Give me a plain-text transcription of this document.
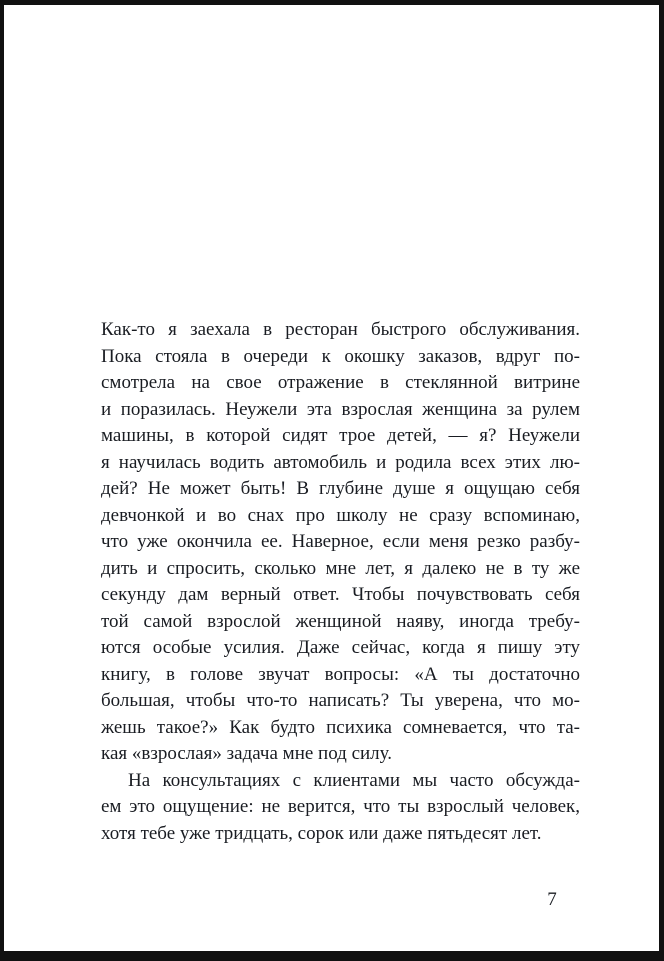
Как-то я заехала в ресторан быстрого обслуживания.
Пока стояла в очереди к окошку заказов, вдруг по-
смотрела на свое отражение в стеклянной витрине
и поразилась. Неужели эта взрослая женщина за рулем
машины, в которой сидят трое детей, — я? Неужели
я научилась водить автомобиль и родила всех этих лю-
дей? Не может быть! В глубине душе я ощущаю себя
девчонкой и во снах про школу не сразу вспоминаю,
что уже окончила ее. Наверное, если меня резко разбу-
дить и спросить, сколько мне лет, я далеко не в ту же
секунду дам верный ответ. Чтобы почувствовать себя
той самой взрослой женщиной наяву, иногда требу-
ются особые усилия. Даже сейчас, когда я пишу эту
книгу, в голове звучат вопросы: «А ты достаточно
большая, чтобы что-то написать? Ты уверена, что мо-
жешь такое?» Как будто психика сомневается, что та-
кая «взрослая» задача мне под силу.
На консультациях с клиентами мы часто обсужда-
ем это ощущение: не верится, что ты взрослый человек,
хотя тебе уже тридцать, сорок или даже пятьдесят лет.
7
